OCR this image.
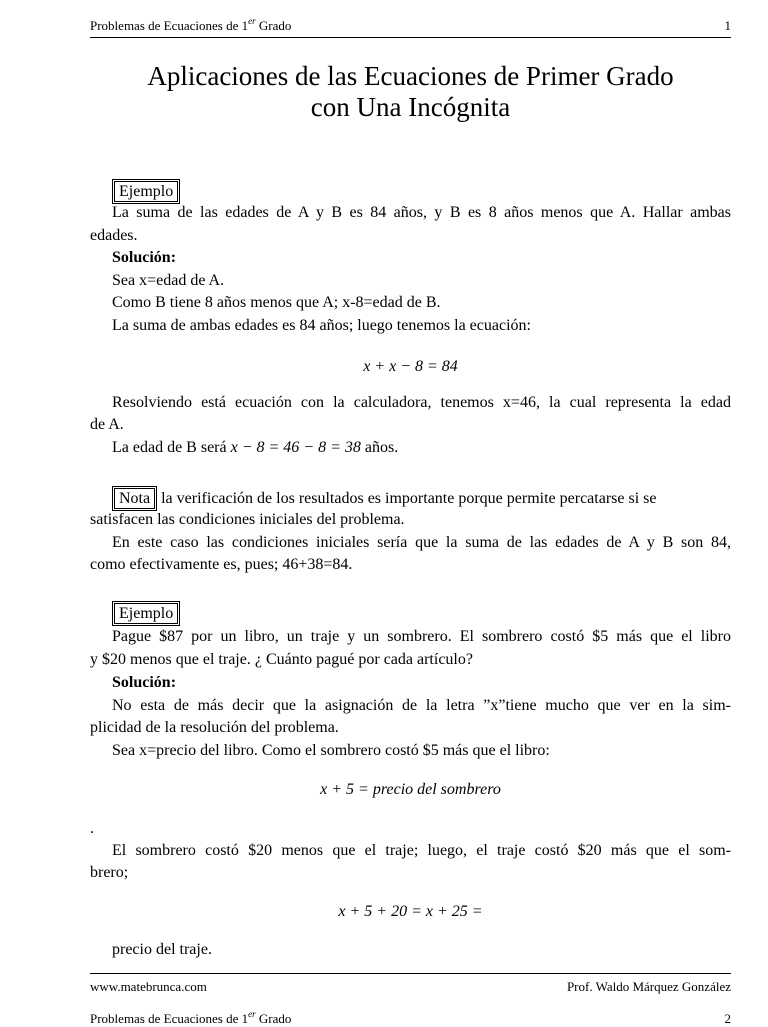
Problemas de Ecuaciones de 1er Grado	1
Aplicaciones de las Ecuaciones de Primer Grado
con Una Incógnita
Ejemplo
La suma de las edades de A y B es 84 años, y B es 8 años menos que A. Hallar ambas
edades.
Solución:
Sea x=edad de A.
Como B tiene 8 años menos que A; x-8=edad de B.
La suma de ambas edades es 84 años; luego tenemos la ecuación:
x + x − 8 = 84
Resolviendo está ecuación con la calculadora, tenemos x=46, la cual representa la edad
de A.
La edad de B será x − 8 = 46 − 8 = 38 años.
Nota la verificación de los resultados es importante porque permite percatarse si se
satisfacen las condiciones iniciales del problema.
En este caso las condiciones iniciales sería que la suma de las edades de A y B son 84,
como efectivamente es, pues; 46+38=84.
Ejemplo
Pague $87 por un libro, un traje y un sombrero. El sombrero costó $5 más que el libro
y $20 menos que el traje. ¿ Cuánto pagué por cada artículo?
Solución:
No esta de más decir que la asignación de la letra ”x”tiene mucho que ver en la sim-
plicidad de la resolución del problema.
Sea x=precio del libro. Como el sombrero costó $5 más que el libro:
x + 5 = precio del sombrero
.
El sombrero costó $20 menos que el traje; luego, el traje costó $20 más que el som-
brero;
x + 5 + 20 = x + 25 =
precio del traje.
www.matebrunca.com	Prof. Waldo Márquez González
Problemas de Ecuaciones de 1er Grado	2
